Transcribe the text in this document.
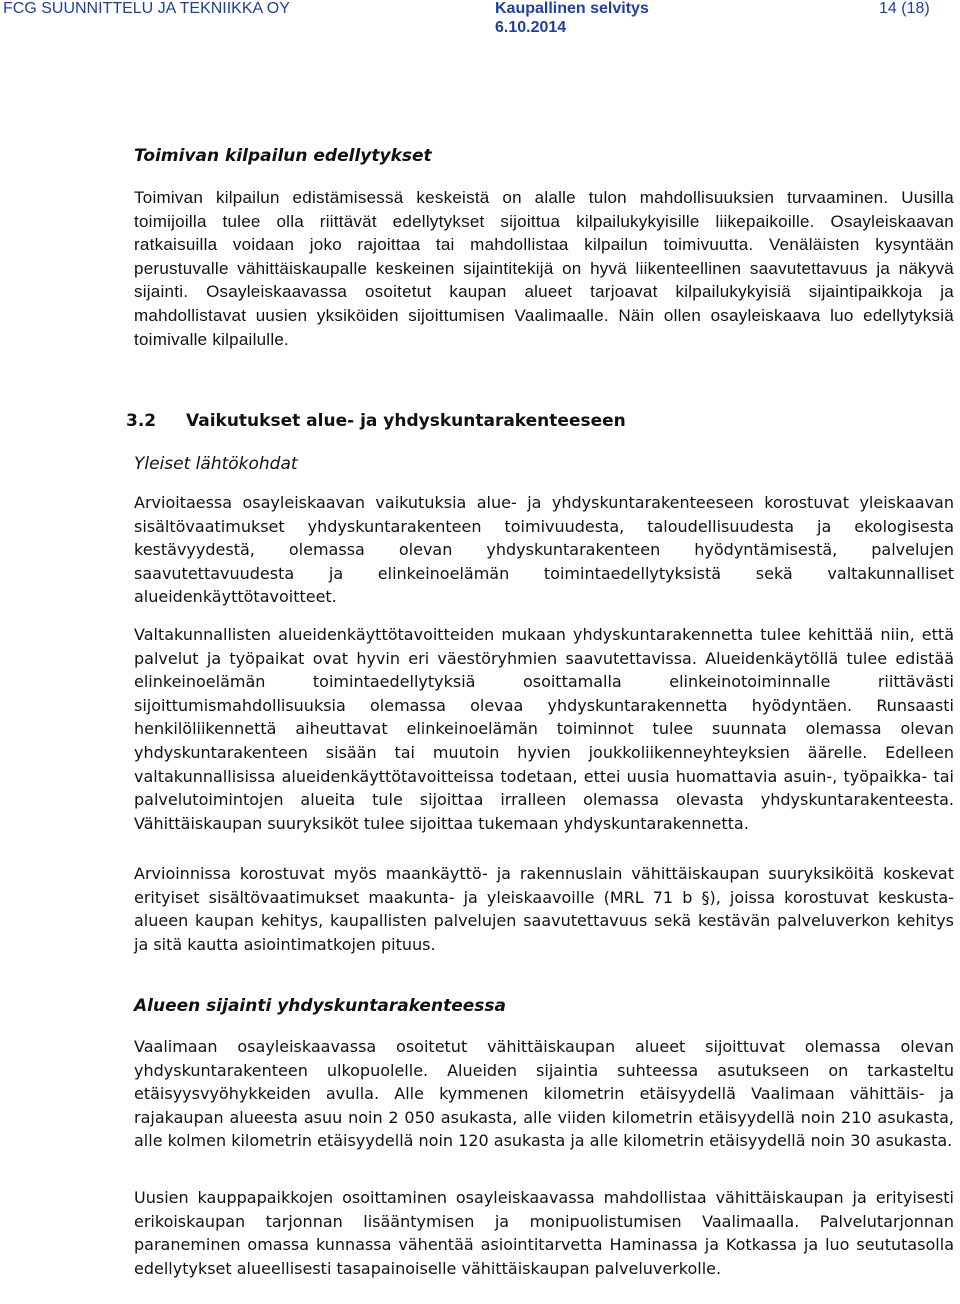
FCG SUUNNITTELU JA TEKNIIKKA OY	Kaupallinen selvitys
6.10.2014
14 (18)
Toimivan kilpailun edellytykset

Toimivan kilpailun edistämisessä keskeistä on alalle tulon mahdollisuuksien turvaaminen. Uusilla toimijoilla tulee olla riittävät edellytykset sijoittua kilpailukykyisille liikepaikoille. Osayleiskaavan ratkaisuilla voidaan joko rajoittaa tai mahdollistaa kilpailun toimivuutta. Venäläisten kysyntään perustuvalle vähittäiskaupalle keskeinen sijaintitekijä on hyvä liikenteellinen saavutettavuus ja näkyvä sijainti. Osayleiskaavassa osoitetut kaupan alueet tarjoavat kilpailukykyisiä sijaintipaikkoja ja mahdollistavat uusien yksiköiden sijoittumisen Vaalimaalle. Näin ollen osayleiskaava luo edellytyksiä toimivalle kilpailulle.

3.2 Vaikutukset alue- ja yhdyskuntarakenteeseen
Yleiset lähtökohdat

Arvioitaessa osayleiskaavan vaikutuksia alue- ja yhdyskuntarakenteeseen korostuvat yleiskaavan sisältövaatimukset yhdyskuntarakenteen toimivuudesta, taloudellisuudesta ja ekologisesta kestävyydestä, olemassa olevan yhdyskuntarakenteen hyödyntämisestä, palvelujen saavutettavuudesta ja elinkeinoelämän toimintaedellytyksistä sekä valtakunnalliset alueidenkäyttötavoitteet.

Valtakunnallisten alueidenkäyttötavoitteiden mukaan yhdyskuntarakennetta tulee kehittää niin, että palvelut ja työpaikat ovat hyvin eri väestöryhmien saavutettavissa. Alueidenkäytöllä tulee edistää elinkeinoelämän toimintaedellytyksiä osoittamalla elinkeinotoiminnalle riittävästi sijoittumismahdollisuuksia olemassa olevaa yhdyskuntarakennetta hyödyntäen. Runsaasti henkilöliikennettä aiheuttavat elinkeinoelämän toiminnot tulee suunnata olemassa olevan yhdyskuntarakenteen sisään tai muutoin hyvien joukkoliikenneyhteyksien äärelle. Edelleen valtakunnallisissa alueidenkäyttötavoitteissa todetaan, ettei uusia huomattavia asuin-, työpaikka- tai palvelutoimintojen alueita tule sijoittaa irralleen olemassa olevasta yhdyskuntarakenteesta. Vähittäiskaupan suuryksiköt tulee sijoittaa tukemaan yhdyskuntarakennetta.

Arvioinnissa korostuvat myös maankäyttö- ja rakennuslain vähittäiskaupan suuryksiköitä koskevat erityiset sisältövaatimukset maakunta- ja yleiskaavoille (MRL 71 b §), joissa korostuvat keskusta-alueen kaupan kehitys, kaupallisten palvelujen saavutettavuus sekä kestävän palveluverkon kehitys ja sitä kautta asiointimatkojen pituus.

Alueen sijainti yhdyskuntarakenteessa

Vaalimaan osayleiskaavassa osoitetut vähittäiskaupan alueet sijoittuvat olemassa olevan yhdyskuntarakenteen ulkopuolelle. Alueiden sijaintia suhteessa asutukseen on tarkasteltu etäisyysvyöhykkeiden avulla. Alle kymmenen kilometrin etäisyydellä Vaalimaan vähittäis- ja rajakaupan alueesta asuu noin 2 050 asukasta, alle viiden kilometrin etäisyydellä noin 210 asukasta, alle kolmen kilometrin etäisyydellä noin 120 asukasta ja alle kilometrin etäisyydellä noin 30 asukasta.

Uusien kauppapaikkojen osoittaminen osayleiskaavassa mahdollistaa vähittäiskaupan ja erityisesti erikoiskaupan tarjonnan lisääntymisen ja monipuolistumisen Vaalimaalla. Palvelutarjonnan paraneminen omassa kunnassa vähentää asiointitarvetta Haminassa ja Kotkassa ja luo seututasolla edellytykset alueellisesti tasapainoiselle vähittäiskaupan palveluverkolle.
